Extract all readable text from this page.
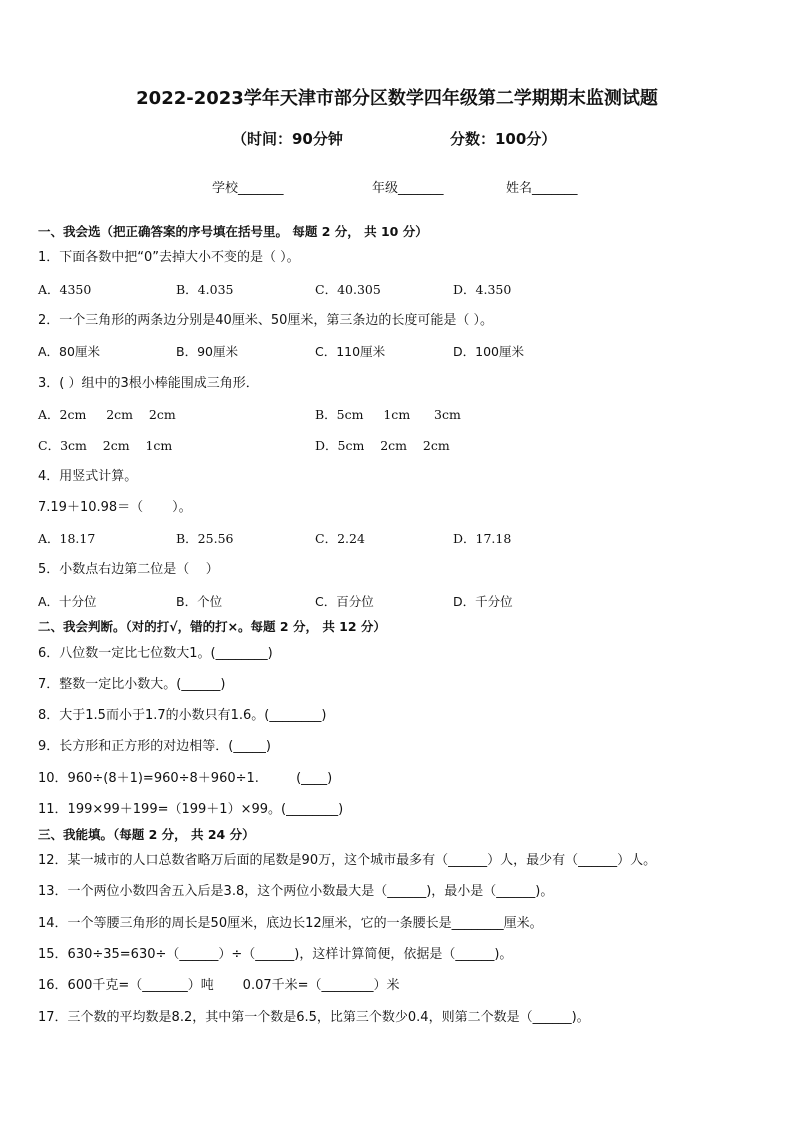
2022-2023学年天津市部分区数学四年级第二学期期末监测试题
（时间：90分钟	分数：100分）
学校_______	年级_______	姓名_______
一、我会选（把正确答案的序号填在括号里。 每题 2 分， 共 10 分）
1．下面各数中把“0”去掉大小不变的是（ ）。
A．4350	B．4.035	C．40.305	D．4.350
2．一个三角形的两条边分别是40厘米、50厘米，第三条边的长度可能是（ ）。
A．80厘米	B．90厘米	C．110厘米	D．100厘米
3．( ）组中的3根小棒能围成三角形．
A．2cm     2cm    2cm	B．5cm     1cm      3cm
C．3cm    2cm    1cm	D．5cm    2cm    2cm
4．用竖式计算。
7.19＋10.98＝（       ）。
A．18.17	B．25.56	C．2.24	D．17.18
5．小数点右边第二位是（    ）
A．十分位	B．个位	C．百分位	D．千分位
二、我会判断。（对的打√，错的打×。每题 2 分， 共 12 分）
6．八位数一定比七位数大1。(________)
7．整数一定比小数大。(______)
8．大于1.5而小于1.7的小数只有1.6。(________)
9．长方形和正方形的对边相等．(_____)
10．960÷(8＋1)=960÷8＋960÷1.         (____)
11．199×99＋199=（199＋1）×99。(________)
三、我能填。（每题 2 分， 共 24 分）
12．某一城市的人口总数省略万后面的尾数是90万，这个城市最多有（______）人，最少有（______）人。
13．一个两位小数四舍五入后是3.8，这个两位小数最大是（______)，最小是（______)。
14．一个等腰三角形的周长是50厘米，底边长12厘米，它的一条腰长是________厘米。
15．630÷35=630÷（______）÷（______)，这样计算简便，依据是（______)。
16．600千克=（_______）吨       0.07千米=（________）米
17．三个数的平均数是8.2，其中第一个数是6.5，比第三个数少0.4，则第二个数是（______)。
